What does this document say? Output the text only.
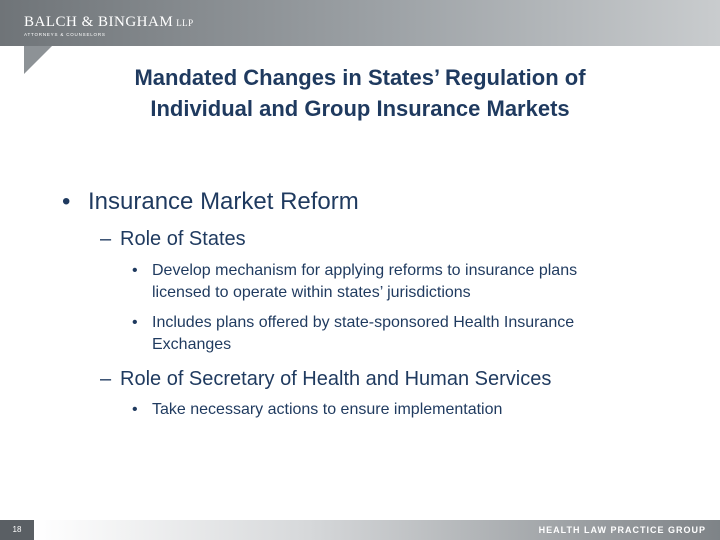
BALCH & BINGHAM LLP
ATTORNEYS & COUNSELORS
Mandated Changes in States’ Regulation of
Individual and Group Insurance Markets
• Insurance Market Reform
– Role of States
• Develop mechanism for applying reforms to insurance plans licensed to operate within states’ jurisdictions
• Includes plans offered by state-sponsored Health Insurance Exchanges
– Role of Secretary of Health and Human Services
• Take necessary actions to ensure implementation
18	HEALTH LAW PRACTICE GROUP
